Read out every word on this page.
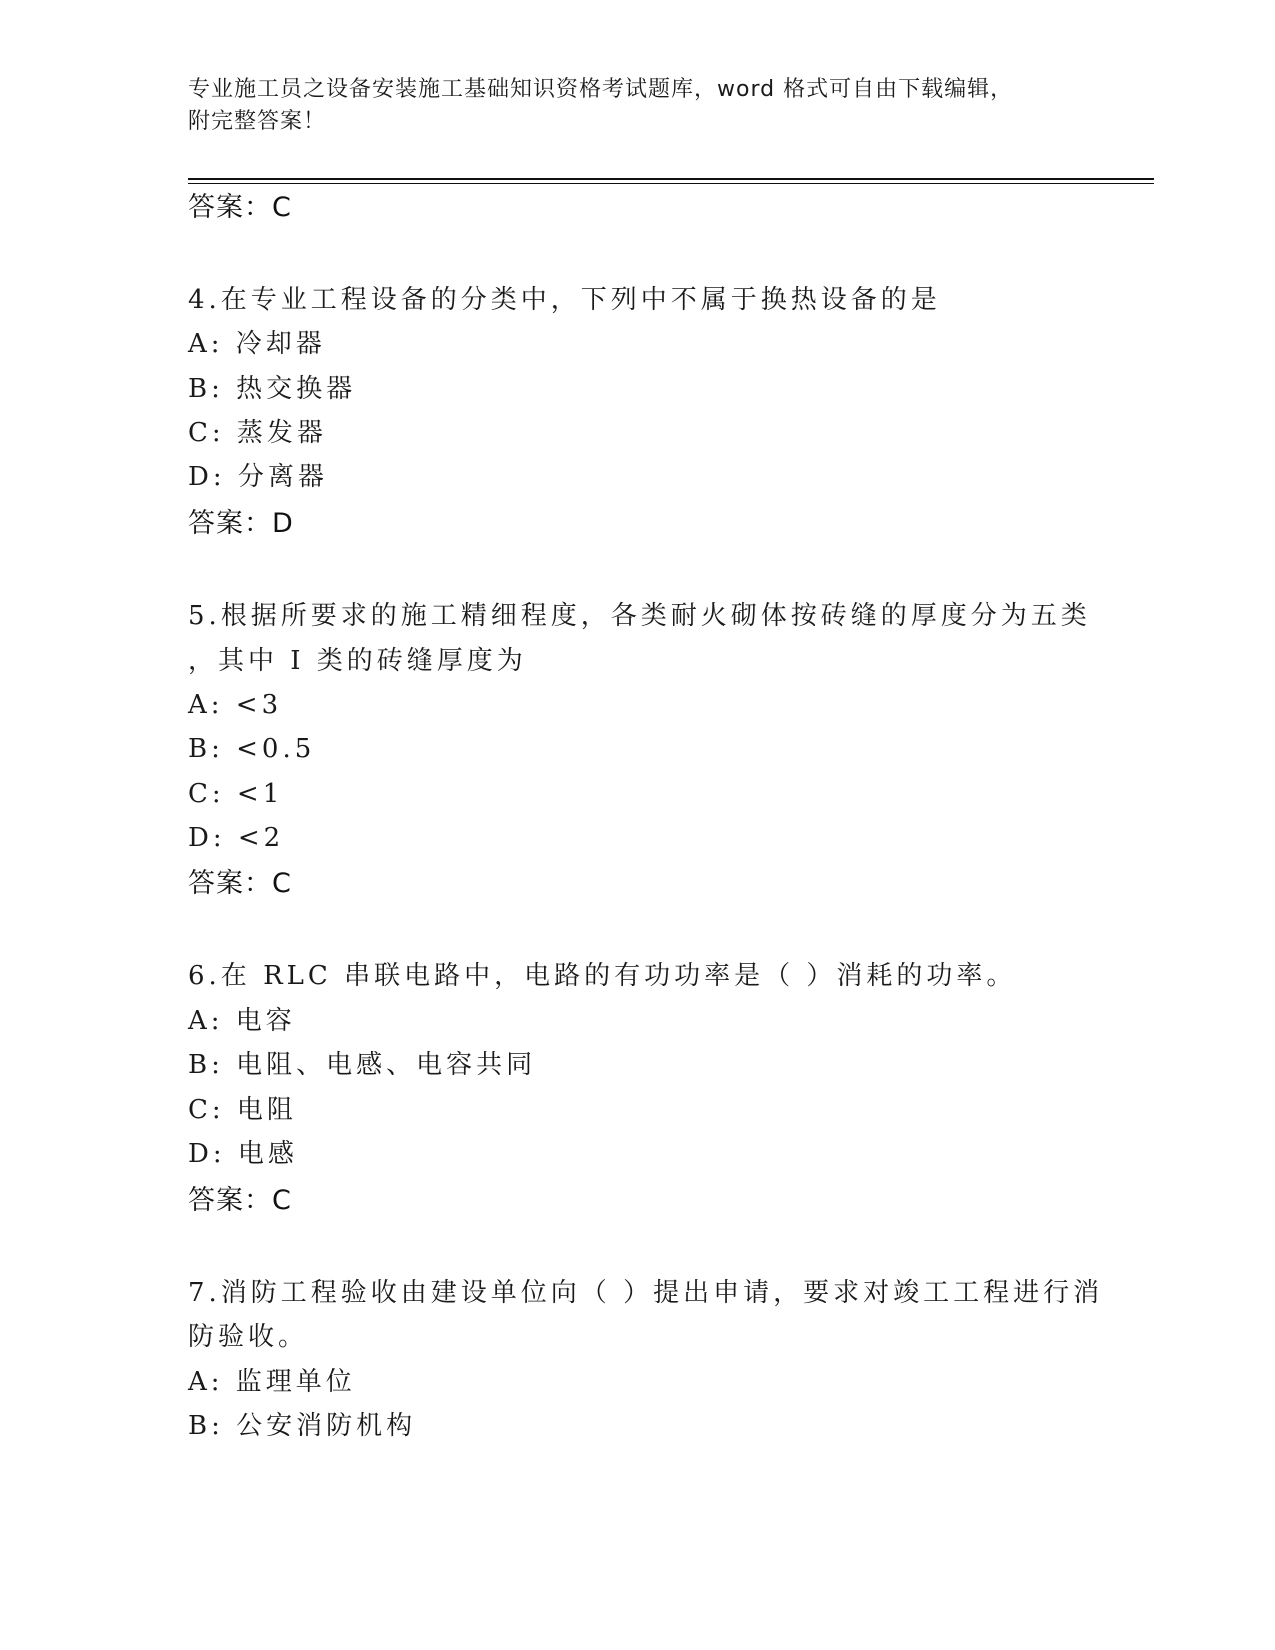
专业施工员之设备安装施工基础知识资格考试题库，word 格式可自由下载编辑，
附完整答案！
答案：C
4.在专业工程设备的分类中，下列中不属于换热设备的是
A: 冷却器
B: 热交换器
C: 蒸发器
D: 分离器
答案：D
5.根据所要求的施工精细程度，各类耐火砌体按砖缝的厚度分为五类
，其中 I 类的砖缝厚度为
A: <3
B: <0.5
C: <1
D: <2
答案：C
6.在 RLC 串联电路中，电路的有功功率是（ ）消耗的功率。
A: 电容
B: 电阻、电感、电容共同
C: 电阻
D: 电感
答案：C
7.消防工程验收由建设单位向（ ）提出申请，要求对竣工工程进行消
防验收。
A: 监理单位
B: 公安消防机构
